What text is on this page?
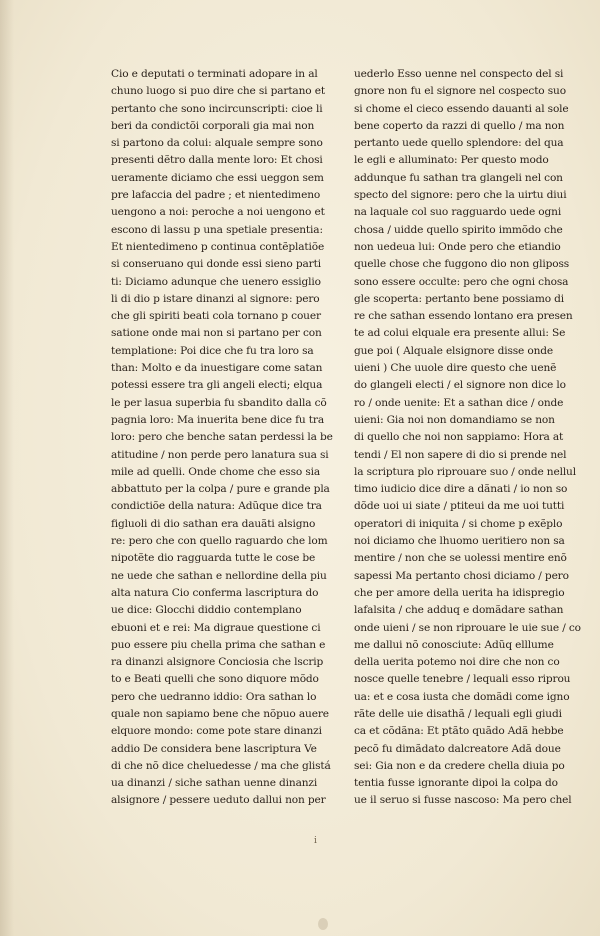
Cio e deputati o terminati adopare in al
chuno luogo si puo dire che si partano et
pertanto che sono incircunscripti: cioe li
beri da condictõi corporali gia mai non
si partono da colui: alquale sempre sono
presenti dẽtro dalla mente loro: Et chosi
ueramente diciamo che essi ueggon sem
pre lafaccia del padre ; et nientedimeno
uengono a noi: peroche a noi uengono et
escono di lassu p una spetiale presentia:
Et nientedimeno p continua contẽplatiõe
si conseruano qui donde essi sieno parti
ti: Diciamo adunque che uenero essiglio
li di dio p istare dinanzi al signore: pero
che gli spiriti beati cola tornano p couer
satione onde mai non si partano per con
templatione: Poi dice che fu tra loro sa
than: Molto e da inuestigare come satan
potessi essere tra gli angeli electi; elqua
le per lasua superbia fu sbandito dalla cõ
pagnia loro: Ma inuerita bene dice fu tra
loro: pero che benche satan perdessi la be
atitudine / non perde pero lanatura sua si
mile ad quelli. Onde chome che esso sia
abbattuto per la colpa / pure e grande pla
condictiõe della natura: Adũque dice tra
figluoli di dio sathan era dauãti alsigno
re: pero che con quello raguardo che lom
nipotẽte dio ragguarda tutte le cose be
ne uede che sathan e nellordine della piu
alta natura Cio conferma lascriptura do
ue dice: Glocchi diddio contemplano
ebuoni et e rei: Ma digraue questione ci
puo essere piu chella prima che sathan e
ra dinanzi alsignore Conciosia che lscrip
to e Beati quelli che sono diquore mõdo
pero che uedranno iddio: Ora sathan lo
quale non sapiamo bene che nõpuo auere
elquore mondo: come pote stare dinanzi
addio De considera bene lascriptura Ve
di che nõ dice cheluedesse / ma che glistá
ua dinanzi / siche sathan uenne dinanzi
alsignore / pessere ueduto dallui non per
uederlo Esso uenne nel conspecto del si
gnore non fu el signore nel cospecto suo
si chome el cieco essendo dauanti al sole
bene coperto da razzi di quello / ma non
pertanto uede quello splendore: del qua
le egli e alluminato: Per questo modo
addunque fu sathan tra glangeli nel con
specto del signore: pero che la uirtu diui
na laquale col suo ragguardo uede ogni
chosa / uidde quello spirito immõdo che
non uedeua lui: Onde pero che etiandio
quelle chose che fuggono dio non gliposs
sono essere occulte: pero che ogni chosa
gle scoperta: pertanto bene possiamo di
re che sathan essendo lontano era presen
te ad colui elquale era presente allui: Se
gue poi ( Alquale elsignore disse onde
uieni ) Che uuole dire questo che uenẽ
do glangeli electi / el signore non dice lo
ro / onde uenite: Et a sathan dice / onde
uieni: Gia noi non domandiamo se non
di quello che noi non sappiamo: Hora at
tendi / El non sapere di dio si prende nel
la scriptura plo riprouare suo / onde nellul
timo iudicio dice dire a dãnati / io non so
dõde uoi ui siate / ptiteui da me uoi tutti
operatori di iniquita / si chome p exẽplo
noi diciamo che lhuomo ueritiero non sa
mentire / non che se uolessi mentire enõ
sapessi Ma pertanto chosi diciamo / pero
che per amore della uerita ha idispregio
lafalsita / che adduq e domãdare sathan
onde uieni / se non riprouare le uie sue / co
me dallui nõ conosciute: Adũq elllume
della uerita potemo noi dire che non co
nosce quelle tenebre / lequali esso riprou
ua: et e cosa iusta che domãdi come igno
rãte delle uie disathã / lequali egli giudi
ca et cõdãna: Et ptãto quãdo Adã hebbe
pecõ fu dimãdato dalcreatore Adã doue
sei: Gia non e da credere chella diuia po
tentia fusse ignorante dipoi la colpa do
ue il seruo si fusse nascoso: Ma pero chel
i
